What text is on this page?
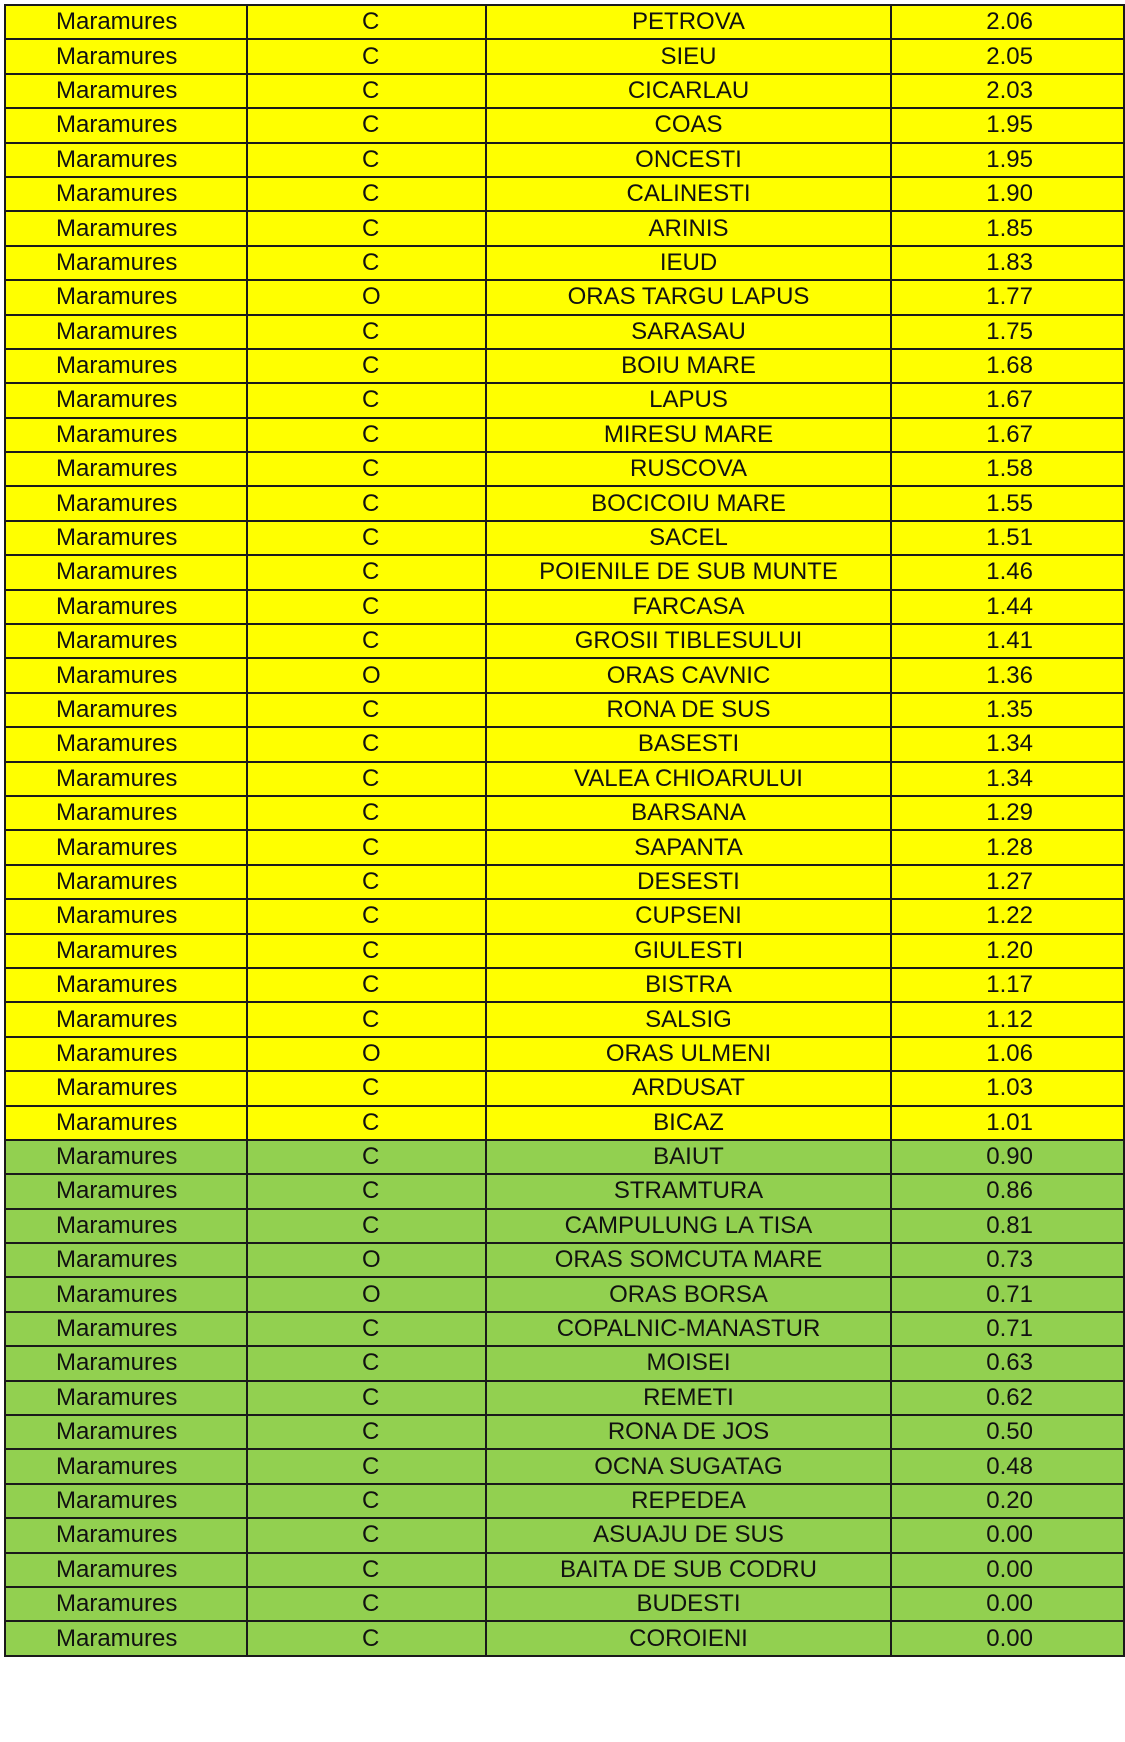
Maramures	C	PETROVA	2.06
Maramures	C	SIEU	2.05
Maramures	C	CICARLAU	2.03
Maramures	C	COAS	1.95
Maramures	C	ONCESTI	1.95
Maramures	C	CALINESTI	1.90
Maramures	C	ARINIS	1.85
Maramures	C	IEUD	1.83
Maramures	O	ORAS TARGU LAPUS	1.77
Maramures	C	SARASAU	1.75
Maramures	C	BOIU MARE	1.68
Maramures	C	LAPUS	1.67
Maramures	C	MIRESU MARE	1.67
Maramures	C	RUSCOVA	1.58
Maramures	C	BOCICOIU MARE	1.55
Maramures	C	SACEL	1.51
Maramures	C	POIENILE DE SUB MUNTE	1.46
Maramures	C	FARCASA	1.44
Maramures	C	GROSII TIBLESULUI	1.41
Maramures	O	ORAS CAVNIC	1.36
Maramures	C	RONA DE SUS	1.35
Maramures	C	BASESTI	1.34
Maramures	C	VALEA CHIOARULUI	1.34
Maramures	C	BARSANA	1.29
Maramures	C	SAPANTA	1.28
Maramures	C	DESESTI	1.27
Maramures	C	CUPSENI	1.22
Maramures	C	GIULESTI	1.20
Maramures	C	BISTRA	1.17
Maramures	C	SALSIG	1.12
Maramures	O	ORAS ULMENI	1.06
Maramures	C	ARDUSAT	1.03
Maramures	C	BICAZ	1.01
Maramures	C	BAIUT	0.90
Maramures	C	STRAMTURA	0.86
Maramures	C	CAMPULUNG LA TISA	0.81
Maramures	O	ORAS SOMCUTA MARE	0.73
Maramures	O	ORAS BORSA	0.71
Maramures	C	COPALNIC-MANASTUR	0.71
Maramures	C	MOISEI	0.63
Maramures	C	REMETI	0.62
Maramures	C	RONA DE JOS	0.50
Maramures	C	OCNA SUGATAG	0.48
Maramures	C	REPEDEA	0.20
Maramures	C	ASUAJU DE SUS	0.00
Maramures	C	BAITA DE SUB CODRU	0.00
Maramures	C	BUDESTI	0.00
Maramures	C	COROIENI	0.00
